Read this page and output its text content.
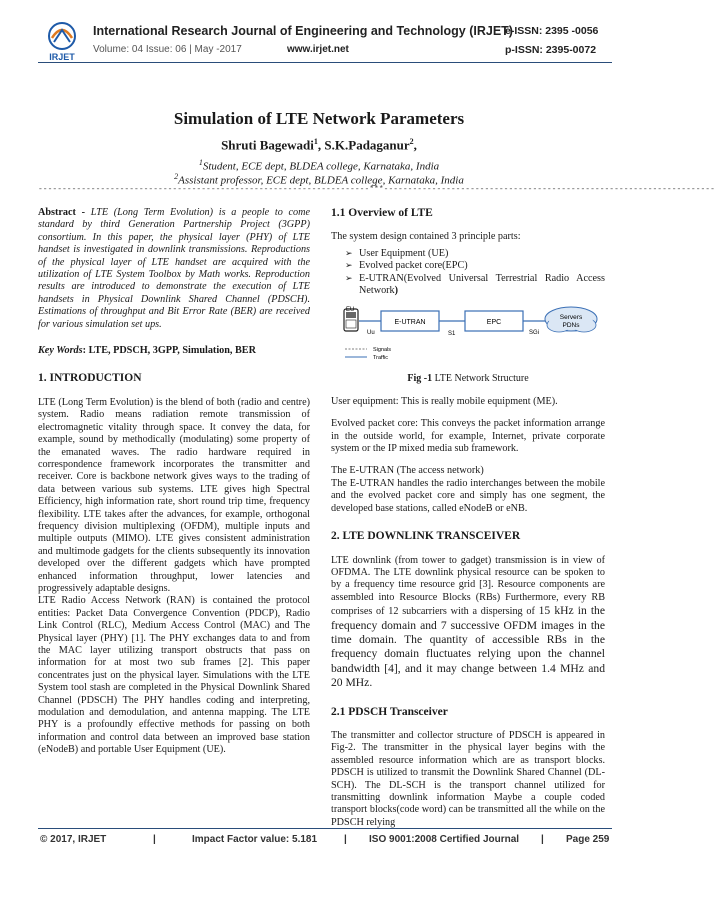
IRJET
International Research Journal of Engineering and Technology (IRJET)
e-ISSN: 2395 -0056
Volume: 04 Issue: 06 | May -2017	www.irjet.net	p-ISSN: 2395-0072
Simulation of LTE Network Parameters
Shruti Bagewadi$^1$, S.K.Padaganur$^2$,
$^1$Student, ECE dept, BLDEA college, Karnataka, India
$^2$Assistant professor, ECE dept, BLDEA college, Karnataka, India
---------------------------------------------------------------------***---------------------------------------------------------------------

Abstract - LTE (Long Term Evolution) is a people to come standard by third Generation Partnership Project (3GPP) consortium. In this paper, the physical layer (PHY) of LTE handset is investigated in downlink transmissions. Reproductions of the physical layer of LTE handset are acquired with the utilization of LTE System Toolbox by Math works. Reproduction results are introduced to demonstrate the execution of LTE handsets in Physical Downlink Shared Channel (PDSCH). Estimations of throughput and Bit Error Rate (BER) are received for various simulation set ups.

Key Words: LTE, PDSCH, 3GPP, Simulation, BER

1. INTRODUCTION

LTE (Long Term Evolution) is the blend of both (radio and centre) system. Radio means radiation remote transmission of electromagnetic vitality through space. It convey the data, for example, sound by methodically (modulating) some property of the emanated waves. The radio hardware required in correspondence framework incorporates the transmitter and receiver. Core is backbone network gives ways to the trading of data between various sub systems. LTE gives high Spectral Efficiency, high information rate, short round trip time, frequency flexibility. LTE takes after the advances, for example, orthogonal frequency division multiplexing (OFDM), multiple inputs and multiple outputs (MIMO). LTE gives consistent administration and multimode gadgets for the clients subsequently its innovation developed over the different gadgets which have prompted enhanced information throughput, lower latencies and progressively adaptable designs.

LTE Radio Access Network (RAN) is contained the protocol entities: Packet Data Convergence Convention (PDCP), Radio Link Control (RLC), Medium Access Control (MAC) and The Physical layer (PHY) [1]. The PHY exchanges data to and from the MAC layer utilizing transport obstructs that pass on information for at most two sub frames [2]. This paper concentrates just on the physical layer. Simulations with the LTE System tool stash are completed in the Physical Downlink Shared Channel (PDSCH) The PHY handles coding and interpreting, modulation and demodulation, and antenna mapping. The LTE PHY is a profoundly effective methods for passing on both information and control data between an improved base station (eNodeB) and portable User Equipment (UE).

1.1 Overview of LTE

The system design contained 3 principle parts:

➢ User Equipment (UE)
➢ Evolved packet core(EPC)
➢ E-UTRAN(Evolved Universal Terrestrial Radio Access Network)
EU
Uu
E-UTRAN
S1
EPC
SGi
Servers
PDNs
Signals
Traffic

Fig -1 LTE Network Structure

User equipment: This is really mobile equipment (ME).

Evolved packet core: This conveys the packet information arrange in the outside world, for example, Internet, private corporate system or the IP mixed media sub framework.

The E-UTRAN (The access network)

The E-UTRAN handles the radio interchanges between the mobile and the evolved packet core and simply has one segment, the developed base stations, called eNodeB or eNB.

2. LTE DOWNLINK TRANSCEIVER

LTE downlink (from tower to gadget) transmission is in view of OFDMA. The LTE downlink physical resource can be spoken to by a frequency time resource grid [3]. Resource components are assembled into Resource Blocks (RBs) Furthermore, every RB comprises of 12 subcarriers with a dispersing of 15 kHz in the frequency domain and 7 successive OFDM images in the time domain. The quantity of accessible RBs in the frequency domain fluctuates relying upon the channel bandwidth [4], and it may change between 1.4 MHz and 20 MHz.

2.1 PDSCH Transceiver

The transmitter and collector structure of PDSCH is appeared in Fig-2. The transmitter in the physical layer begins with the assembled resource information which are as transport blocks. PDSCH is utilized to transmit the Downlink Shared Channel (DL-SCH). The DL-SCH is the transport channel utilized for transmitting downlink information Maybe a couple coded transport blocks(code word) can be transmitted all the while on the PDSCH relying

© 2017, IRJET	|	Impact Factor value: 5.181	| ISO 9001:2008 Certified Journal | Page 259
